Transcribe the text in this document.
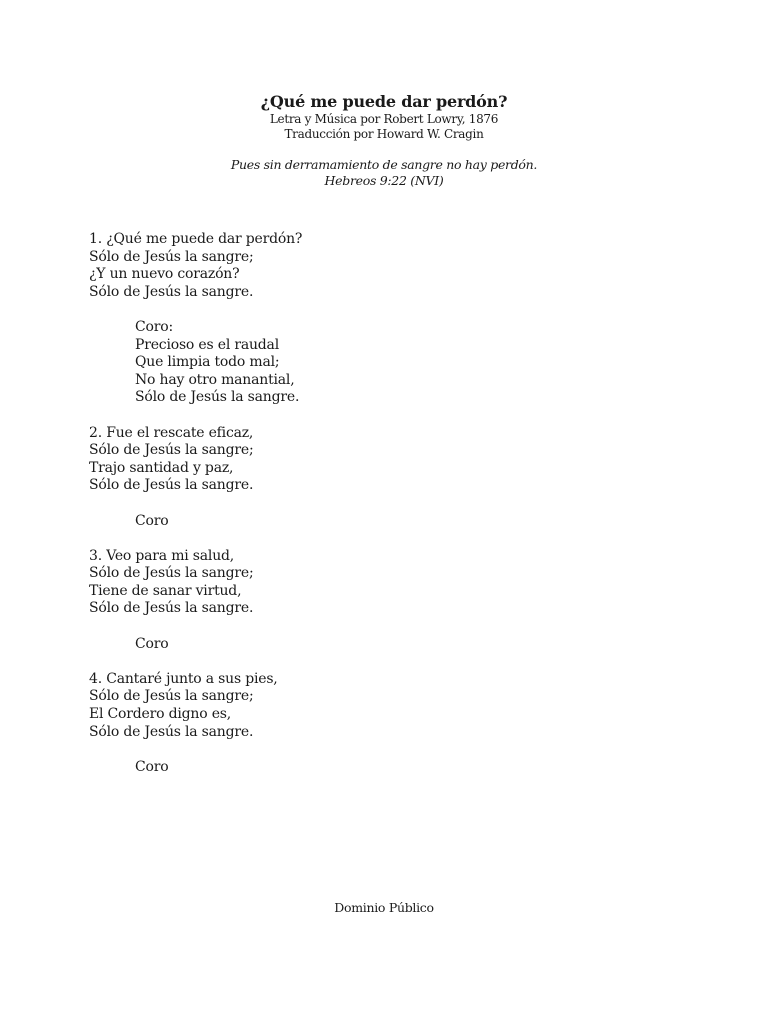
¿Qué me puede dar perdón?

Letra y Música por Robert Lowry, 1876

Traducción por Howard W. Cragin

Pues sin derramamiento de sangre no hay perdón.

Hebreos 9:22 (NVI)

1. ¿Qué me puede dar perdón?
Sólo de Jesús la sangre;
¿Y un nuevo corazón?
Sólo de Jesús la sangre.
Coro:
Precioso es el raudal
Que limpia todo mal;
No hay otro manantial,
Sólo de Jesús la sangre.
2. Fue el rescate eficaz,
Sólo de Jesús la sangre;
Trajo santidad y paz,
Sólo de Jesús la sangre.
Coro
3. Veo para mi salud,
Sólo de Jesús la sangre;
Tiene de sanar virtud,
Sólo de Jesús la sangre.
Coro
4. Cantaré junto a sus pies,
Sólo de Jesús la sangre;
El Cordero digno es,
Sólo de Jesús la sangre.
Coro
Dominio Público
